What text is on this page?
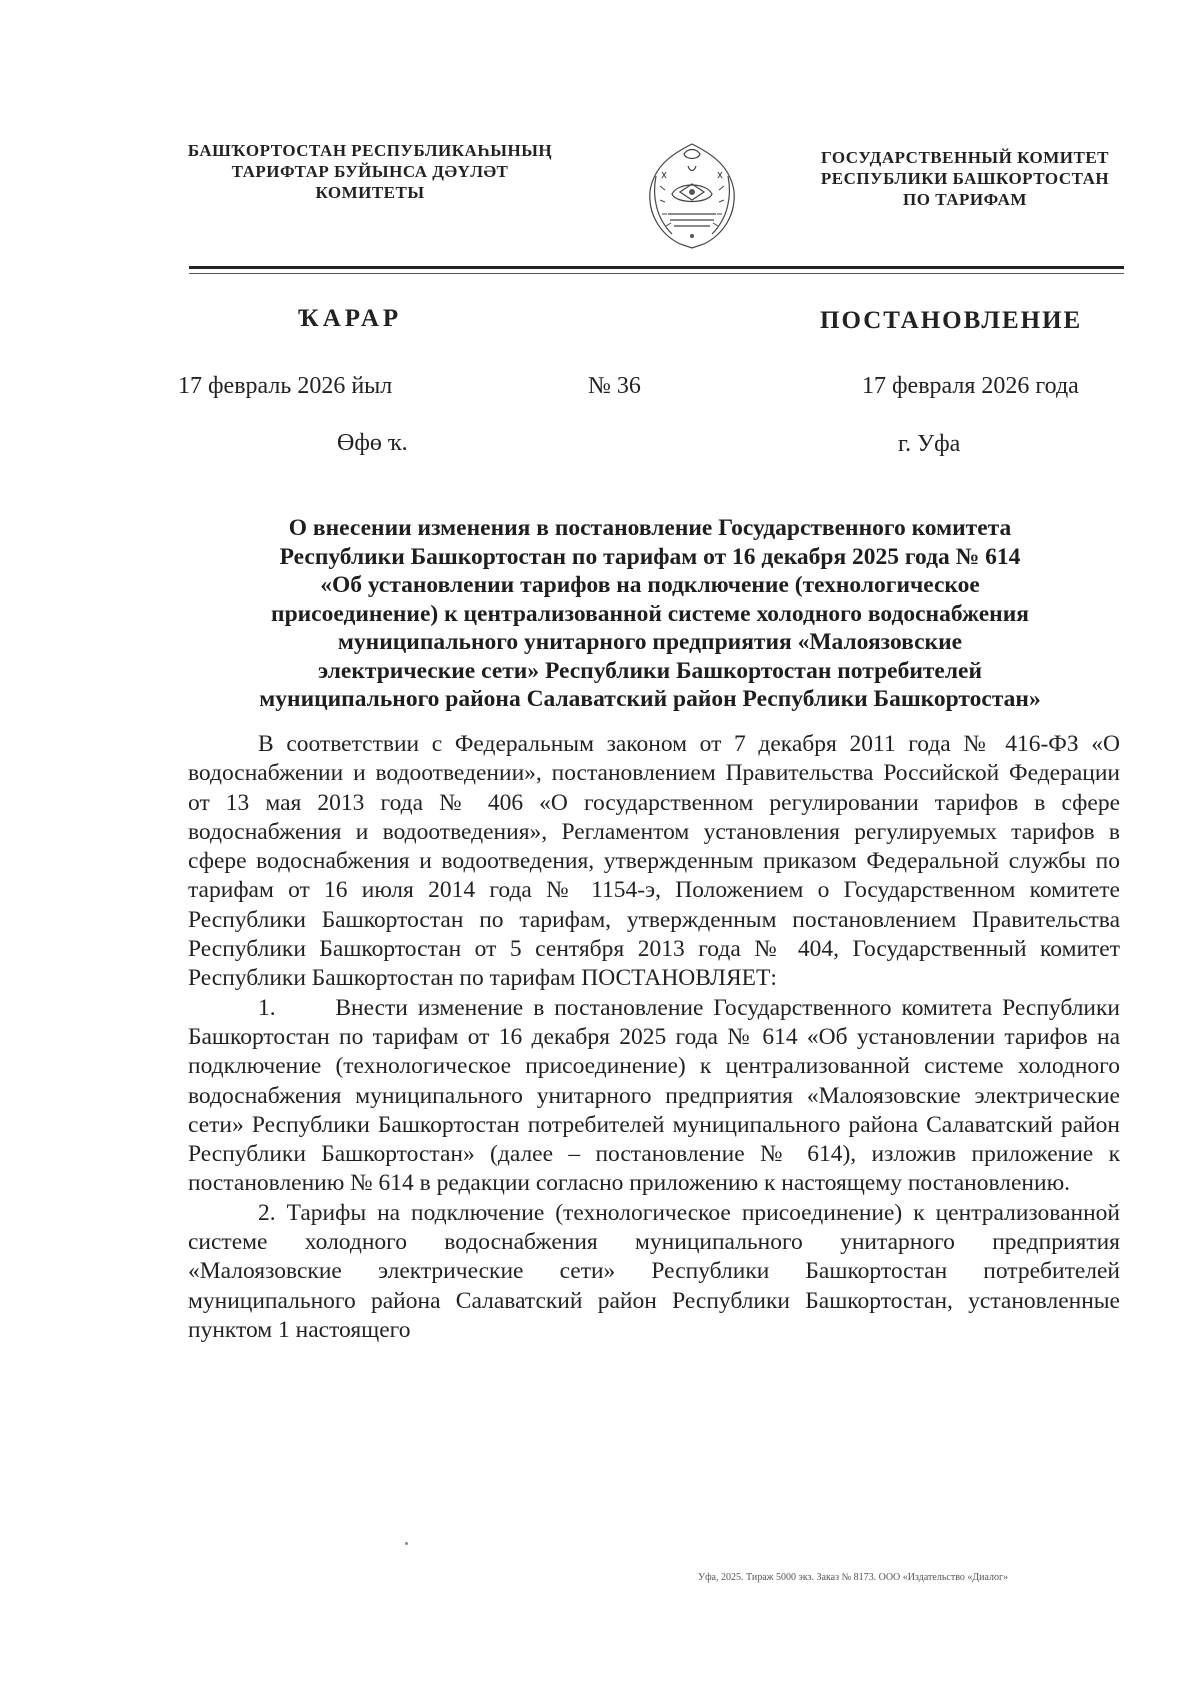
БАШҠОРТОСТАН РЕСПУБЛИКАҺЫНЫҢ
ТАРИФТАР БУЙЫНСА ДӘҮЛӘТ
КОМИТЕТЫ
ГОСУДАРСТВЕННЫЙ КОМИТЕТ
РЕСПУБЛИКИ БАШКОРТОСТАН
ПО ТАРИФАМ
ҠАРАР	ПОСТАНОВЛЕНИЕ
17 февраль 2026 йыл	№ 36	17 февраля 2026 года
Өфө ҡ.	г. Уфа
О внесении изменения в постановление Государственного комитета
Республики Башкортостан по тарифам от 16 декабря 2025 года № 614
«Об установлении тарифов на подключение (технологическое
присоединение) к централизованной системе холодного водоснабжения
муниципального унитарного предприятия «Малоязовские
электрические сети» Республики Башкортостан потребителей
муниципального района Салаватский район Республики Башкортостан»

В соответствии с Федеральным законом от 7 декабря 2011 года № 416-ФЗ «О водоснабжении и водоотведении», постановлением Правительства Российской Федерации от 13 мая 2013 года № 406 «О государственном регулировании тарифов в сфере водоснабжения и водоотведения», Регламентом установления регулируемых тарифов в сфере водоснабжения и водоотведения, утвержденным приказом Федеральной службы по тарифам от 16 июля 2014 года № 1154-э, Положением о Государственном комитете Республики Башкортостан по тарифам, утвержденным постановлением Правительства Республики Башкортостан от 5 сентября 2013 года № 404, Государственный комитет Республики Башкортостан по тарифам ПОСТАНОВЛЯЕТ:

1.	Внести изменение в постановление Государственного комитета Республики Башкортостан по тарифам от 16 декабря 2025 года № 614 «Об установлении тарифов на подключение (технологическое присоединение) к централизованной системе холодного водоснабжения муниципального унитарного предприятия «Малоязовские электрические сети» Республики Башкортостан потребителей муниципального района Салаватский район Республики Башкортостан» (далее – постановление № 614), изложив приложение к постановлению № 614 в редакции согласно приложению к настоящему постановлению.

2. Тарифы на подключение (технологическое присоединение) к централизованной системе холодного водоснабжения муниципального унитарного предприятия «Малоязовские электрические сети» Республики Башкортостан потребителей муниципального района Салаватский район Республики Башкортостан, установленные пунктом 1 настоящего

Уфа, 2025. Тираж 5000 экз. Заказ № 8173. ООО «Издательство «Диалог»
